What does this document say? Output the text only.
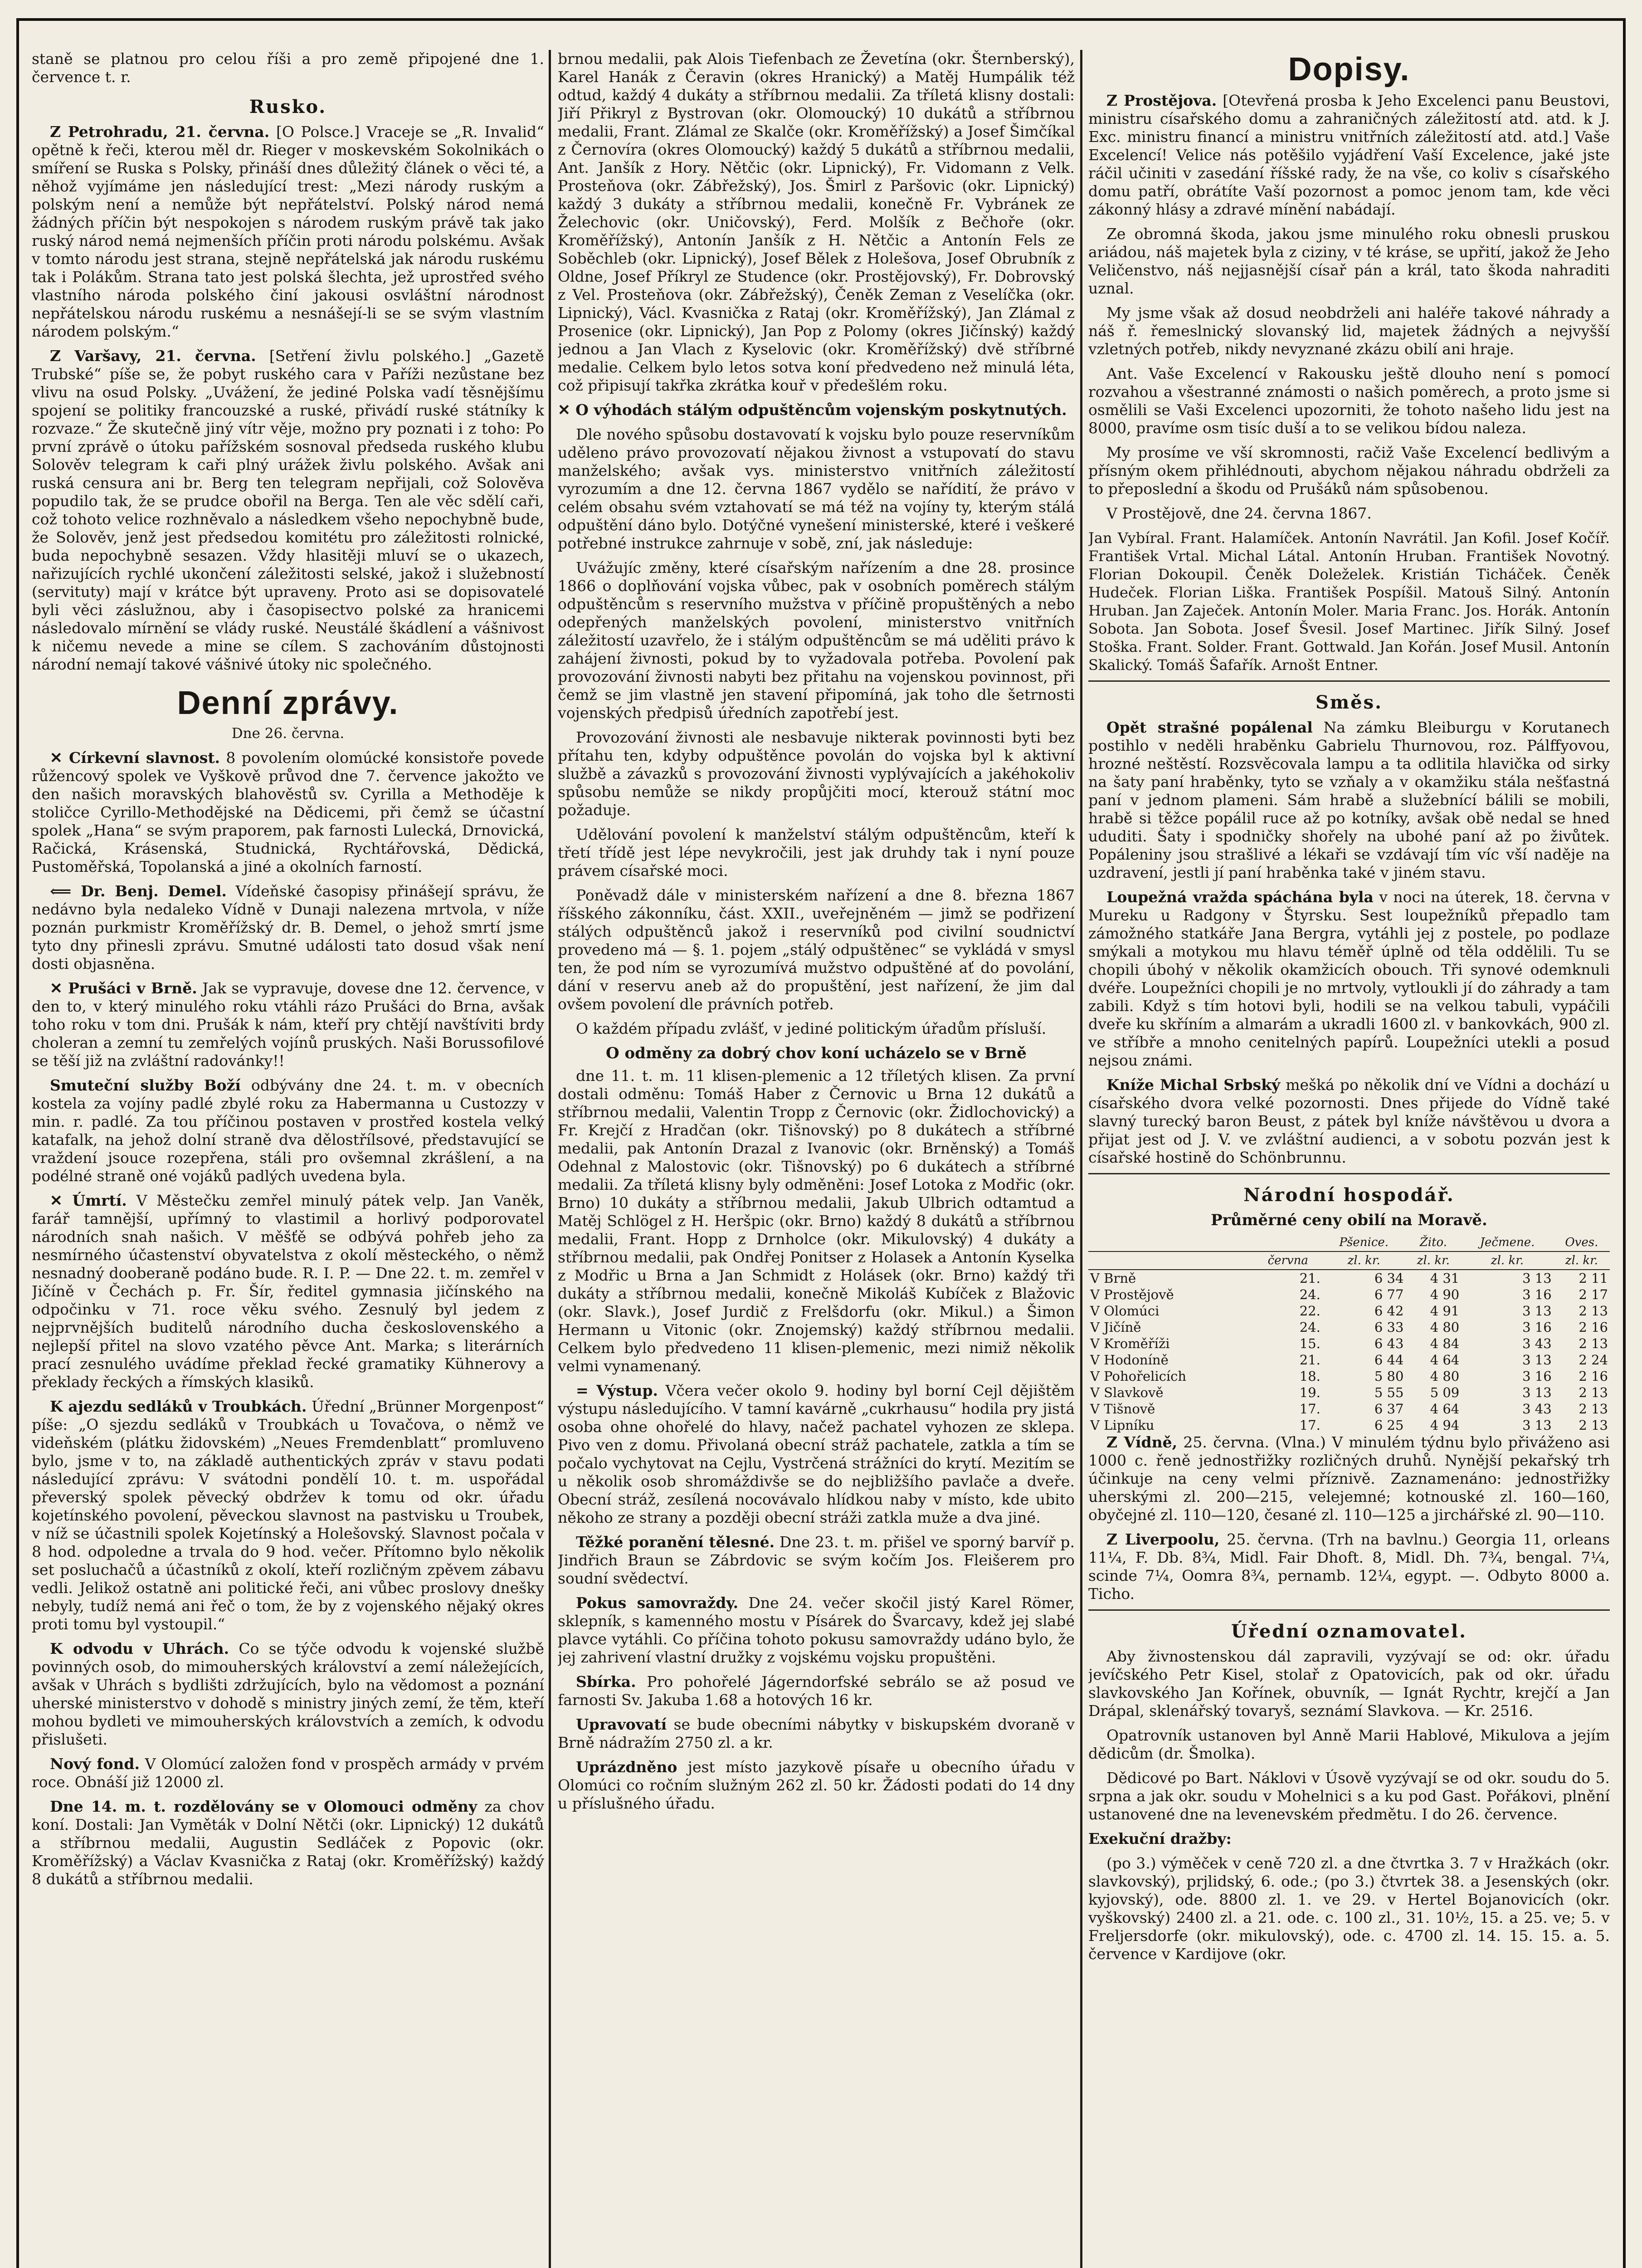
staně se platnou pro celou říši a pro země připojené dne 1. července t. r.

Rusko.

Z Petrohradu, 21. června. [O Polsce.] Vraceje se „R. Invalid“ opětně k řeči, kterou měl dr. Rieger v moskevském Sokolnikách o smíření se Ruska s Polsky, přináší dnes důležitý článek o věci té, a něhož vyjímáme jen následující trest: „Mezi národy ruským a polským není a nemůže být nepřátelství. Polský národ nemá žádných příčin být nespokojen s národem ruským právě tak jako ruský národ nemá nejmenších příčin proti národu polskému. Avšak v tomto národu jest strana, stejně nepřátelská jak národu ruskému tak i Polákům. Strana tato jest polská šlechta, jež uprostřed svého vlastního národa polského činí jakousi osvláštní národnost nepřátelskou národu ruskému a nesnášejí-li se se svým vlastním národem polským.“

Z Varšavy, 21. června. [Setření živlu polského.] „Gazetě Trubské“ píše se, že pobyt ruského cara v Paříži nezůstane bez vlivu na osud Polsky. „Uvážení, že jediné Polska vadí těsnějšímu spojení se politiky francouzské a ruské, přivádí ruské státníky k rozvaze.“ Že skutečně jiný vítr věje, možno pry poznati i z toho: Po první zprávě o útoku pařížském sosnoval předseda ruského klubu Solověv telegram k caři plný urážek živlu polského. Avšak ani ruská censura ani br. Berg ten telegram nepřijali, což Solověva popudilo tak, že se prudce obořil na Berga. Ten ale věc sdělí caři, což tohoto velice rozhněvalo a následkem všeho nepochybně bude, že Solověv, jenž jest předsedou komitétu pro záležitosti rolnické, buda nepochybně sesazen. Vždy hlasitěji mluví se o ukazech, nařizujících rychlé ukončení záležitosti selské, jakož i služebností (servituty) mají v krátce být upraveny. Proto asi se dopisovatelé byli věci záslužnou, aby i časopisectvo polské za hranicemi následovalo mírnění se vlády ruské. Neustálé škádlení a vášnivost k ničemu nevede a mine se cílem. S zachováním důstojnosti národní nemají takové vášnivé útoky nic společného.

Denní zprávy.
Dne 26. června.

✕ Církevní slavnost. 8 povolením olomúcké konsistoře povede růžencový spolek ve Vyškově průvod dne 7. července jakožto ve den našich moravských blahověstů sv. Cyrilla a Methoděje k stoličce Cyrillo-Methodějské na Dědicemi, při čemž se účastní spolek „Hana“ se svým praporem, pak farnosti Lulecká, Drnovická, Račická, Krásenská, Studnická, Rychtářovská, Dědická, Pustoměřská, Topolanská a jiné a okolních farností.

⟸ Dr. Benj. Demel. Vídeňské časopisy přinášejí správu, že nedávno byla nedaleko Vídně v Dunaji nalezena mrtvola, v níže poznán purkmistr Kroměřížský dr. B. Demel, o jehož smrtí jsme tyto dny přinesli zprávu. Smutné události tato dosud však není dosti objasněna.

✕ Prušáci v Brně. Jak se vypravuje, dovese dne 12. července, v den to, v který minulého roku vtáhli rázo Prušáci do Brna, avšak toho roku v tom dni. Prušák k nám, kteří pry chtějí navštíviti brdy choleran a zemní tu zemřelých vojínů pruských. Naši Borussofilové se těší již na zvláštní radovánky!!

Smuteční služby Boží odbývány dne 24. t. m. v obecních kostela za vojíny padlé zbylé roku za Habermanna u Custozzy v min. r. padlé. Za tou příčinou postaven v prostřed kostela velký katafalk, na jehož dolní straně dva dělostřílsové, představující se vraždení jsouce rozepřena, stáli pro ovšemnal zkrášlení, a na podélné straně oné vojáků padlých uvedena byla.

✕ Úmrtí. V Městečku zemřel minulý pátek velp. Jan Vaněk, farář tamnější, upřímný to vlastimil a horlivý podporovatel národních snah našich. V měšťě se odbývá pohřeb jeho za nesmírného účastenství obyvatelstva z okolí městeckého, o němž nesnadný dooberaně podáno bude. R. I. P. — Dne 22. t. m. zemřel v Jičíně v Čechách p. Fr. Šír, ředitel gymnasia jičínského na odpočinku v 71. roce věku svého. Zesnulý byl jedem z nejprvnějších buditelů národního ducha československého a nejlepší přitel na slovo vzatého pěvce Ant. Marka; s literárních prací zesnulého uvádíme překlad řecké gramatiky Kühnerovy a překlady řeckých a římských klasiků.

K ajezdu sedláků v Troubkách. Úřední „Brünner Morgenpost“ píše: „O sjezdu sedláků v Troubkách u Tovačova, o němž ve videňském (plátku židovském) „Neues Fremdenblatt“ promluveno bylo, jsme v to, na základě authentických zpráv v stavu podati následující zprávu: V svátodni pondělí 10. t. m. uspořádal převerský spolek pěvecký obdržev k tomu od okr. úřadu kojetínského povolení, pěveckou slavnost na pastvisku u Troubek, v níž se účastnili spolek Kojetínský a Holešovský. Slavnost počala v 8 hod. odpoledne a trvala do 9 hod. večer. Přítomno bylo několik set posluchačů a účastníků z okolí, kteří rozličným zpěvem zábavu vedli. Jelikož ostatně ani politické řeči, ani vůbec proslovy dnešky nebyly, tudíž nemá ani řeč o tom, že by z vojenského nějaký okres proti tomu byl vystoupil.“

K odvodu v Uhrách. Co se týče odvodu k vojenské službě povinných osob, do mimouherských království a zemí náležejících, avšak v Uhrách s bydlišti zdržujících, bylo na vědomost a poznání uherské ministerstvo v dohodě s ministry jiných zemí, že těm, kteří mohou bydleti ve mimouherských královstvích a zemích, k odvodu přislušeti.

Nový fond. V Olomúcí založen fond v prospěch armády v prvém roce. Obnáší již 12000 zl.

Dne 14. m. t. rozdělovány se v Olomouci odměny za chov koní. Dostali: Jan Vyměták v Dolní Nětči (okr. Lipnický) 12 dukátů a stříbrnou medalii, Augustin Sedláček z Popovic (okr. Kroměřížský) a Václav Kvasnička z Rataj (okr. Kroměřížský) každý 8 dukátů a stříbrnou medalii.

brnou medalii, pak Alois Tiefenbach ze Ževetína (okr. Šternberský), Karel Hanák z Čeravin (okres Hranický) a Matěj Humpálik též odtud, každý 4 dukáty a stříbrnou medalii. Za tříletá klisny dostali: Jiří Přikryl z Bystrovan (okr. Olomoucký) 10 dukátů a stříbrnou medalii, Frant. Zlámal ze Skalče (okr. Kroměřížský) a Josef Šimčíkal z Černovíra (okres Olomoucký) každý 5 dukátů a stříbrnou medalii, Ant. Janšík z Hory. Nětčic (okr. Lipnický), Fr. Vidomann z Velk. Prosteňova (okr. Zábřežský), Jos. Šmirl z Paršovic (okr. Lipnický) každý 3 dukáty a stříbrnou medalii, konečně Fr. Vybránek ze Želechovic (okr. Uničovský), Ferd. Molšík z Bečhoře (okr. Kroměřížský), Antonín Janšík z H. Nětčic a Antonín Fels ze Soběchleb (okr. Lipnický), Josef Bělek z Holešova, Josef Obrubník z Oldne, Josef Příkryl ze Studence (okr. Prostějovský), Fr. Dobrovský z Vel. Prosteňova (okr. Zábřežský), Čeněk Zeman z Veselíčka (okr. Lipnický), Václ. Kvasnička z Rataj (okr. Kroměřížský), Jan Zlámal z Prosenice (okr. Lipnický), Jan Pop z Polomy (okres Jičínský) každý jednou a Jan Vlach z Kyselovic (okr. Kroměřížský) dvě stříbrné medalie. Celkem bylo letos sotva koní předvedeno než minulá léta, což připisují takřka zkrátka kouř v předešlém roku.

✕ O výhodách stálým odpuštěncům vojenským poskytnutých.

Dle nového spůsobu dostavovatí k vojsku bylo pouze reservníkům uděleno právo provozovatí nějakou živnost a vstupovatí do stavu manželského; avšak vys. ministerstvo vnitřních záležitostí vyrozumím a dne 12. června 1867 vydělo se nařídití, že právo v celém obsahu svém vztahovatí se má též na vojíny ty, kterým stálá odpuštění dáno bylo. Dotýčné vynešení ministerské, které i veškeré potřebné instrukce zahrnuje v sobě, zní, jak následuje:

Uvážujíc změny, které císařským nařízením a dne 28. prosince 1866 o doplňování vojska vůbec, pak v osobních poměrech stálým odpuštěncům s reservního mužstva v příčině propuštěných a nebo odepřených manželských povolení, ministerstvo vnitřních záležitostí uzavřelo, že i stálým odpuštěncům se má uděliti právo k zahájení živnosti, pokud by to vyžadovala potřeba. Povolení pak provozování živnosti nabyti bez přitahu na vojenskou povinnost, při čemž se jim vlastně jen stavení připomíná, jak toho dle šetrnosti vojenských předpisů úředních zapotřebí jest.

Provozování živnosti ale nesbavuje nikterak povinnosti byti bez přítahu ten, kdyby odpuštěnce povolán do vojska byl k aktivní službě a závazků s provozování živnosti vyplývajících a jakéhokoliv spůsobu nemůže se nikdy propůjčiti mocí, kterouž státní moc požaduje.

Udělování povolení k manželství stálým odpuštěncům, kteří k třetí třídě jest lépe nevykročili, jest jak druhdy tak i nyní pouze právem císařské moci.

Poněvadž dále v ministerském nařízení a dne 8. března 1867 říšského zákonníku, část. XXII., uveřejněném — jimž se podřizení stálých odpuštěnců jakož i reservníků pod civilní soudnictví provedeno má — §. 1. pojem „stálý odpuštěnec“ se vykládá v smysl ten, že pod ním se vyrozumívá mužstvo odpuštěné ať do povolání, dání v reservu aneb až do propuštění, jest nařízení, že jim dal ovšem povolení dle právních potřeb.

O každém případu zvlášť, v jediné politickým úřadům přísluší.

O odměny za dobrý chov koní ucházelo se v Brně

dne 11. t. m. 11 klisen-plemenic a 12 tříletých klisen. Za první dostali odměnu: Tomáš Haber z Černovic u Brna 12 dukátů a stříbrnou medalii, Valentin Tropp z Černovic (okr. Židlochovický) a Fr. Krejčí z Hradčan (okr. Tišnovský) po 8 dukátech a stříbrné medalii, pak Antonín Drazal z Ivanovic (okr. Brněnský) a Tomáš Odehnal z Malostovic (okr. Tišnovský) po 6 dukátech a stříbrné medalii. Za tříletá klisny byly odměněni: Josef Lotoka z Modřic (okr. Brno) 10 dukáty a stříbrnou medalii, Jakub Ulbrich odtamtud a Matěj Schlögel z H. Heršpic (okr. Brno) každý 8 dukátů a stříbrnou medalii, Frant. Hopp z Drnholce (okr. Mikulovský) 4 dukáty a stříbrnou medalii, pak Ondřej Ponitser z Holasek a Antonín Kyselka z Modřic u Brna a Jan Schmidt z Holásek (okr. Brno) každý tři dukáty a stříbrnou medalii, konečně Mikoláš Kubíček z Blažovic (okr. Slavk.), Josef Jurdič z Frelšdorfu (okr. Mikul.) a Šimon Hermann u Vitonic (okr. Znojemský) každý stříbrnou medalii. Celkem bylo předvedeno 11 klisen-plemenic, mezi nimiž několik velmi vynamenaný.

= Výstup. Včera večer okolo 9. hodiny byl borní Cejl dějištěm výstupu následujícího. V tamní kavárně „cukrhausu“ hodila pry jistá osoba ohne ohořelé do hlavy, načež pachatel vyhozen ze sklepa. Pivo ven z domu. Přivolaná obecní stráž pachatele, zatkla a tím se počalo vychytovat na Cejlu, Vystrčená strážníci do krytí. Mezitím se u několik osob shromáždivše se do nejbližšího pavlače a dveře. Obecní stráž, zesílená nocovávalo hlídkou naby v místo, kde ubito někoho ze strany a později obecní stráži zatkla muže a dva jiné.

Těžké poranění tělesné. Dne 23. t. m. přišel ve sporný barvíř p. Jindřich Braun se Zábrdovic se svým kočím Jos. Fleišerem pro soudní svědectví.

Pokus samovraždy. Dne 24. večer skočil jistý Karel Römer, sklepník, s kamenného mostu v Písárek do Švarcavy, kdež jej slabé plavce vytáhli. Co příčina tohoto pokusu samovraždy udáno bylo, že jej zahrivení vlastní družky z vojskému vojsku propuštěni.

Sbírka. Pro pohořelé Jágerndorfské sebrálo se až posud ve farnosti Sv. Jakuba 1.68 a hotových 16 kr.

Upravovatí se bude obecními nábytky v biskupském dvoraně v Brně nádražím 2750 zl. a kr.

Uprázdněno jest místo jazykově písaře u obecního úřadu v Olomúci co ročním služným 262 zl. 50 kr. Žádosti podati do 14 dny u příslušného úřadu.

Dopisy.

Z Prostějova. [Otevřená prosba k Jeho Excelenci panu Beustovi, ministru císařského domu a zahraničných záležitostí atd. atd. k J. Exc. ministru financí a ministru vnitřních záležitostí atd. atd.] Vaše Excelencí! Velice nás potěšilo vyjádření Vaší Excelence, jaké jste ráčil učiniti v zasedání říšské rady, že na vše, co koliv s císařského domu patří, obrátíte Vaší pozornost a pomoc jenom tam, kde věci zákonný hlásy a zdravé mínění nabádají.

Ze obromná škoda, jakou jsme minulého roku obnesli pruskou ariádou, náš majetek byla z ciziny, v té kráse, se upřití, jakož že Jeho Veličenstvo, náš nejjasnější císař pán a král, tato škoda nahraditi uznal.

My jsme však až dosud neobdrželi ani haléře takové náhrady a náš ř. řemeslnický slovanský lid, majetek žádných a nejvyšší vzletných potřeb, nikdy nevyznané zkázu obilí ani hraje.

Ant. Vaše Excelencí v Rakousku ještě dlouho není s pomocí rozvahou a všestranné známosti o našich poměrech, a proto jsme si osmělili se Vaši Excelenci upozorniti, že tohoto našeho lidu jest na 8000, pravíme osm tisíc duší a to se velikou bídou naleza.

My prosíme ve vší skromnosti, račiž Vaše Excelencí bedlivým a přísným okem přihlédnouti, abychom nějakou náhradu obdrželi za to přeposlední a škodu od Prušáků nám spůsobenou.

V Prostějově, dne 24. června 1867.

Jan Vybíral. Frant. Halamíček. Antonín Navrátil. Jan Kofil. Josef Kočíř. František Vrtal. Michal Látal. Antonín Hruban. František Novotný. Florian Dokoupil. Čeněk Doleželek. Kristián Ticháček. Čeněk Hudeček. Florian Liška. František Pospíšil. Matouš Silný. Antonín Hruban. Jan Zaječek. Antonín Moler. Maria Franc. Jos. Horák. Antonín Sobota. Jan Sobota. Josef Švesil. Josef Martinec. Jiřík Silný. Josef Stoška. Frant. Solder. Frant. Gottwald. Jan Kořán. Josef Musil. Antonín Skalický. Tomáš Šafařík. Arnošt Entner.
Směs.

Opět strašné popálenal Na zámku Bleiburgu v Korutanech postihlo v neděli hraběnku Gabrielu Thurnovou, roz. Pálffyovou, hrozné neštěstí. Rozsvěcovala lampu a ta odlitila hlavička od sirky na šaty paní hraběnky, tyto se vzňaly a v okamžiku stála nešťastná paní v jednom plameni. Sám hrabě a služebnící bálili se mobili, hrabě si těžce popálil ruce až po kotníky, avšak obě nedal se hned ududiti. Šaty i spodničky shořely na ubohé paní až po živůtek. Popáleniny jsou strašlivé a lékaři se vzdávají tím víc vší naděje na uzdravení, jestli jí paní hraběnka také v jiném stavu.

Loupežná vražda spáchána byla v noci na úterek, 18. června v Mureku u Radgony v Štyrsku. Sest loupežníků přepadlo tam zámožného statkáře Jana Bergra, vytáhli jej z postele, po podlaze smýkali a motykou mu hlavu téměř úplně od těla oddělili. Tu se chopili úbohý v několik okamžicích obouch. Tři synové odemknuli dvéře. Loupežníci chopili je no mrtvoly, vytloukli jí do záhrady a tam zabili. Když s tím hotovi byli, hodili se na velkou tabuli, vypáčili dveře ku skříním a almarám a ukradli 1600 zl. v bankovkách, 900 zl. ve stříbře a mnoho cenitelných papírů. Loupežníci utekli a posud nejsou známi.

Kníže Michal Srbský mešká po několik dní ve Vídni a dochází u císařského dvora velké pozornosti. Dnes přijede do Vídně také slavný turecký baron Beust, z pátek byl kníže návštěvou u dvora a přijat jest od J. V. ve zvláštní audienci, a v sobotu pozván jest k císařské hostině do Schönbrunnu.

Národní hospodář.
Průměrné ceny obilí na Moravě.
		Pšenice.	Žito.	Ječmene.	Oves.
	června	zl. kr.	zl. kr.	zl. kr.	zl. kr.
V Brně	21.	6 34	4 31	3 13	2 11
V Prostějově	24.	6 77	4 90	3 16	2 17
V Olomúci	22.	6 42	4 91	3 13	2 13
V Jičíně	24.	6 33	4 80	3 16	2 16
V Kroměříži	15.	6 43	4 84	3 43	2 13
V Hodoníně	21.	6 44	4 64	3 13	2 24
V Pohořelicích	18.	5 80	4 80	3 16	2 16
V Slavkově	19.	5 55	5 09	3 13	2 13
V Tišnově	17.	6 37	4 64	3 43	2 13
V Lipníku	17.	6 25	4 94	3 13	2 13

Z Vídně, 25. června. (Vlna.) V minulém týdnu bylo přiváženo asi 1000 c. řeně jednostřižky rozličných druhů. Nynější pekařský trh účinkuje na ceny velmi příznivě. Zaznamenáno: jednostřižky uherskými zl. 200—215, velejemné; kotnouské zl. 160—160, obyčejné zl. 110—120, česané zl. 110—125 a jirchářské zl. 90—110.

Z Liverpoolu, 25. června. (Trh na bavlnu.) Georgia 11, orleans 11¼, F. Db. 8¾, Midl. Fair Dhoft. 8, Midl. Dh. 7¾, bengal. 7¼, scinde 7¼, Oomra 8¾, pernamb. 12¼, egypt. —. Odbyto 8000 a. Ticho.

Úřední oznamovatel.

Aby živnostenskou dál zapravili, vyzývají se od: okr. úřadu jevíčského Petr Kisel, stolař z Opatovicích, pak od okr. úřadu slavkovského Jan Kořínek, obuvník, — Ignát Rychtr, krejčí a Jan Drápal, sklenářský tovaryš, seznámí Slavkova. — Kr. 2516.

Opatrovník ustanoven byl Anně Marii Hablové, Mikulova a jejím dědicům (dr. Šmolka).

Dědicové po Bart. Náklovi v Úsově vyzývají se od okr. soudu do 5. srpna a jak okr. soudu v Mohelnici s a ku pod Gast. Pořákovi, plnění ustanovené dne na levenevském předmětu. I do 26. července.

Exekuční dražby:

(po 3.) výměček v ceně 720 zl. a dne čtvrtka 3. 7 v Hražkách (okr. slavkovský), prjlidský, 6. ode.; (po 3.) čtvrtek 38. a Jesenských (okr. kyjovský), ode. 8800 zl. 1. ve 29. v Hertel Bojanovicích (okr. vyškovský) 2400 zl. a 21. ode. c. 100 zl., 31. 10½, 15. a 25. ve; 5. v Freljersdorfe (okr. mikulovský), ode. c. 4700 zl. 14. 15. 15. a. 5. července v Kardijove (okr.
